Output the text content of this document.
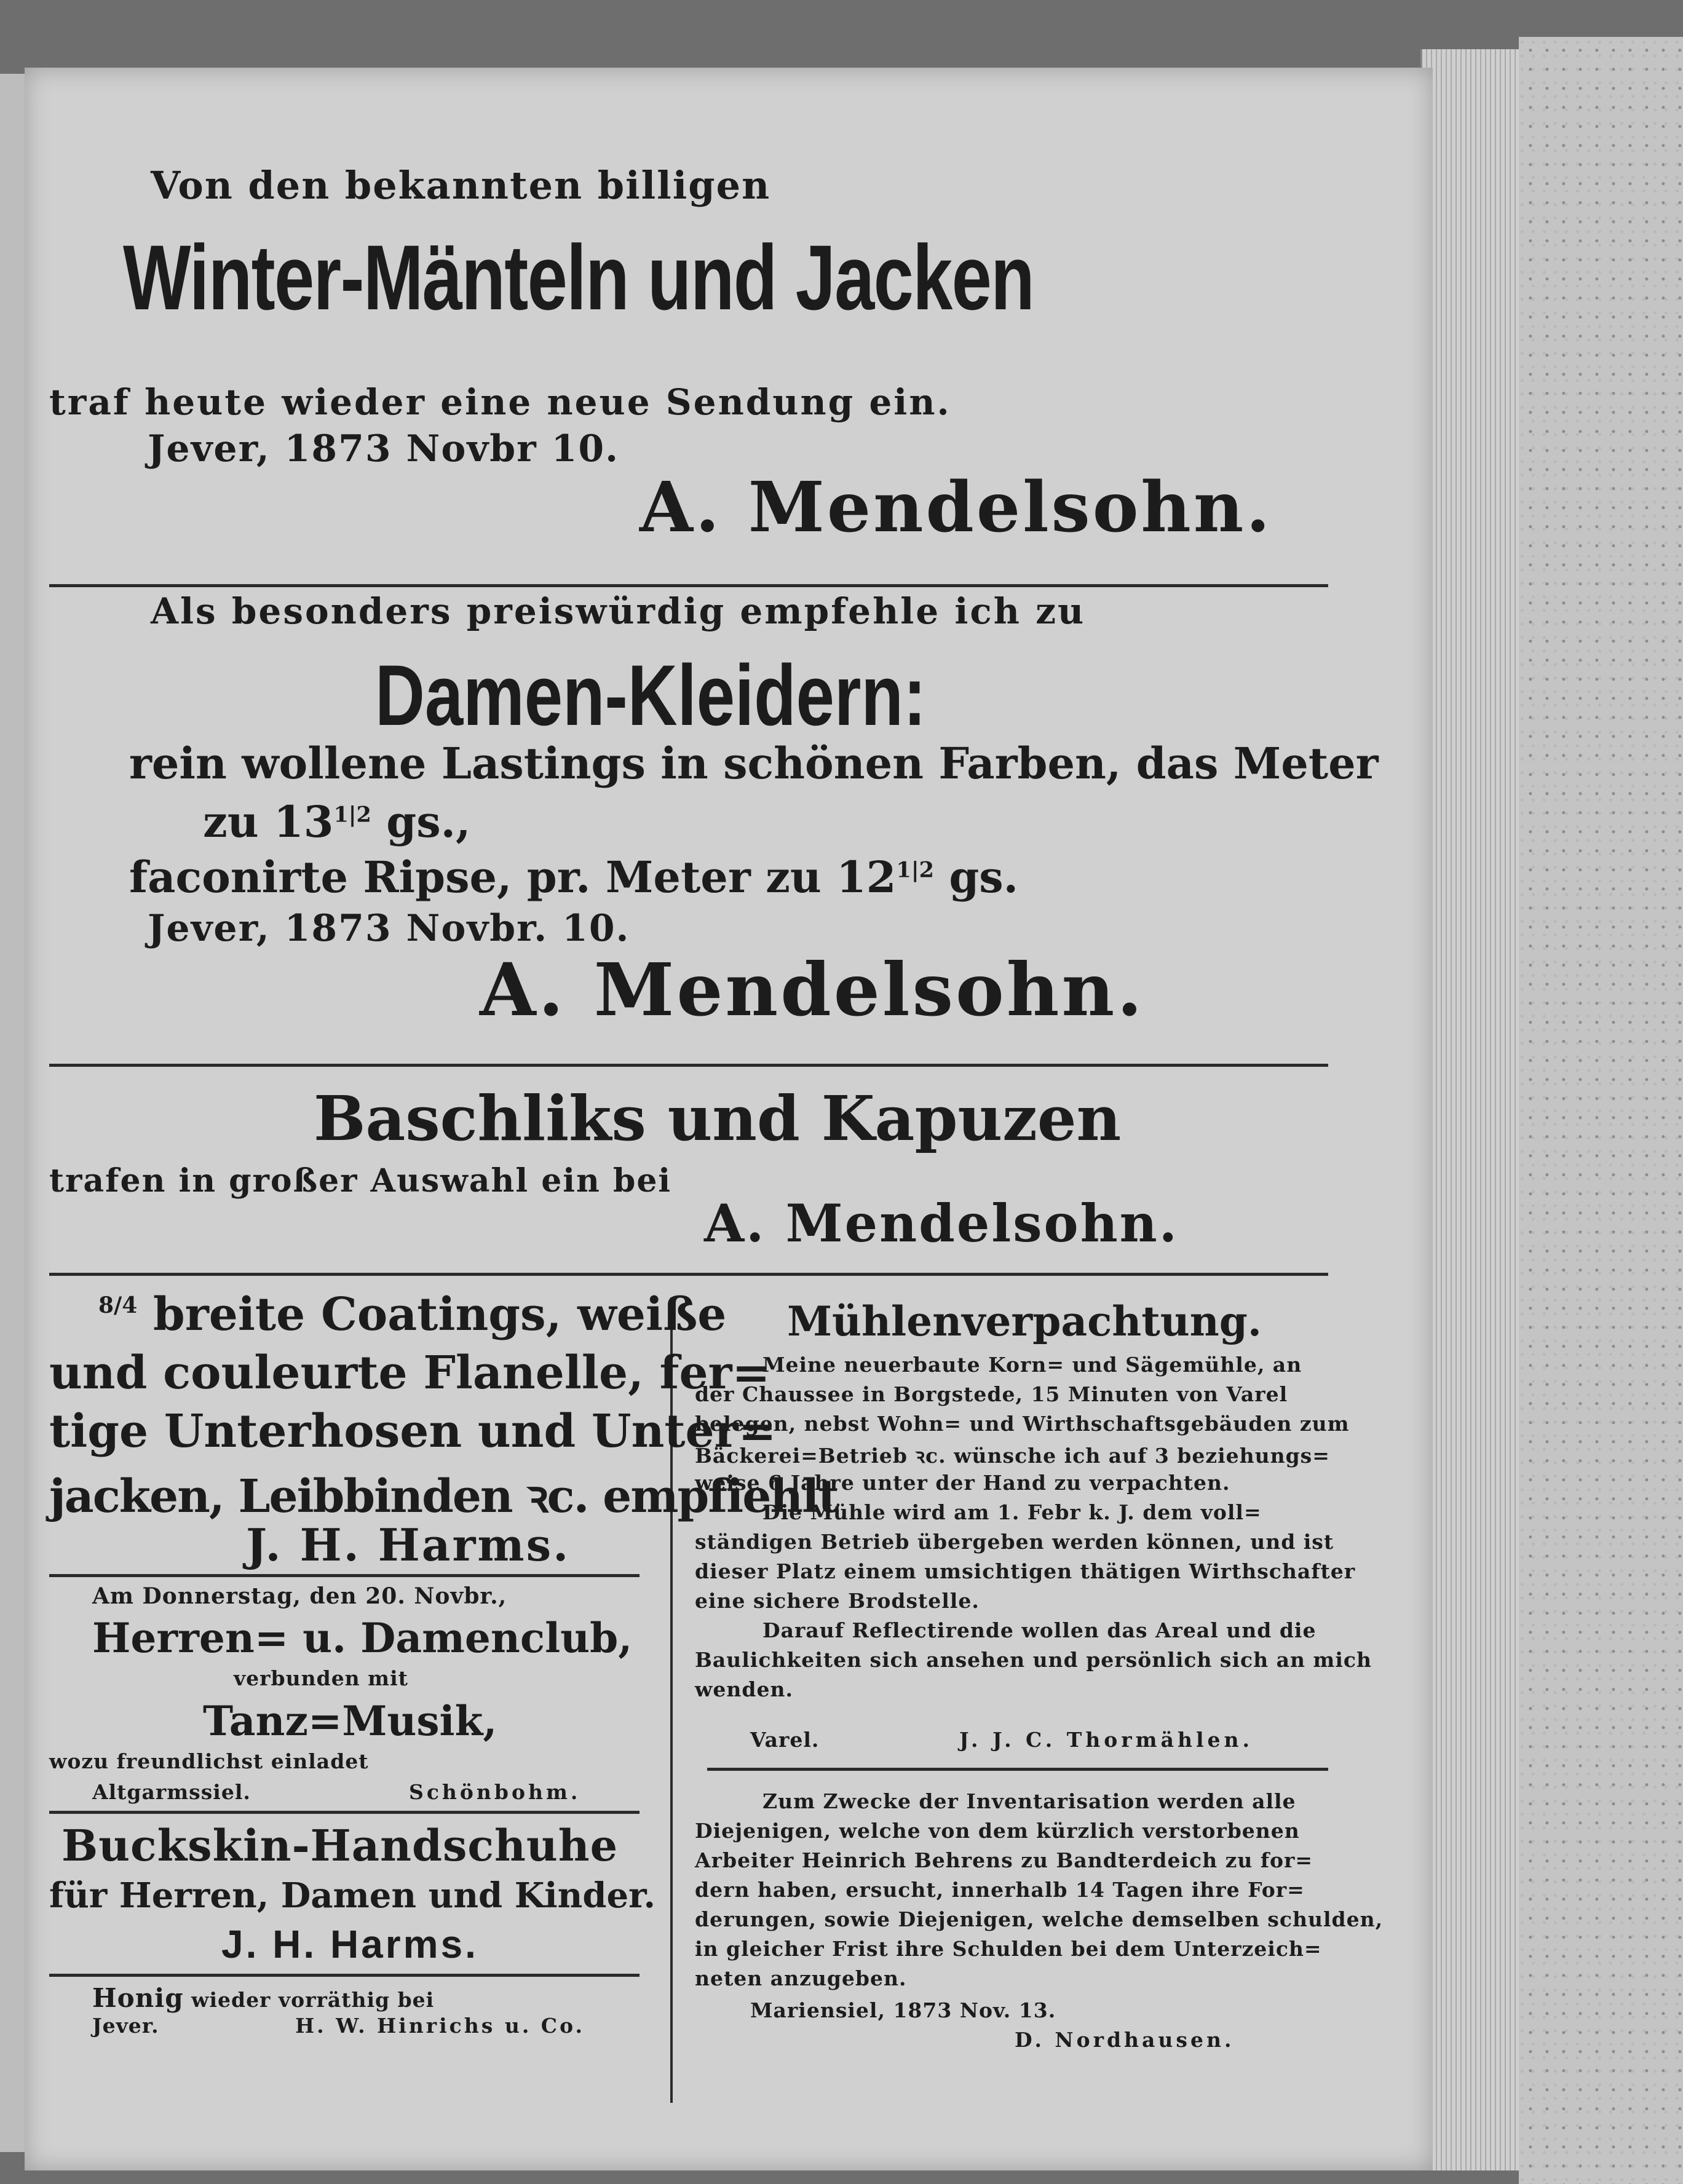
Von den bekannten billigen
Winter-Mänteln und Jacken
traf heute wieder eine neue Sendung ein.
Jever, 1873 Novbr 10.
A. Mendelsohn.
Als besonders preiswürdig empfehle ich zu
Damen-Kleidern:
rein wollene Lastings in schönen Farben, das Meter
zu $13^{1|2}$ gs.,
faconirte Ripse, pr. Meter zu $12^{1|2}$ gs.
Jever, 1873 Novbr. 10.
A. Mendelsohn.
Baschliks und Kapuzen
trafen in großer Auswahl ein bei
A. Mendelsohn.
$^{8/4}$ breite Coatings, weiße
und couleurte Flanelle, fer=
tige Unterhosen und Unter=
jacken, Leibbinden ꝛc. empfiehlt
J. H. Harms.
Am Donnerstag, den 20. Novbr.,
Herren= u. Damenclub,
verbunden mit
Tanz=Musik,
wozu freundlichst einladet
Altgarmssiel.	Schönbohm.
Buckskin-Handschuhe
für Herren, Damen und Kinder.
J. H. Harms.
Honig wieder vorräthig bei
Jever.	H. W. Hinrichs u. Co.
Mühlenverpachtung.
Meine neuerbaute Korn= und Sägemühle, an
der Chaussee in Borgstede, 15 Minuten von Varel
belegen, nebst Wohn= und Wirthschaftsgebäuden zum
Bäckerei=Betrieb ꝛc. wünsche ich auf 3 beziehungs=
weise 6 Jahre unter der Hand zu verpachten.
Die Mühle wird am 1. Febr k. J. dem voll=
ständigen Betrieb übergeben werden können, und ist
dieser Platz einem umsichtigen thätigen Wirthschafter
eine sichere Brodstelle.
Darauf Reflectirende wollen das Areal und die
Baulichkeiten sich ansehen und persönlich sich an mich
wenden.
Varel.	J. J. C. Thormählen.
Zum Zwecke der Inventarisation werden alle
Diejenigen, welche von dem kürzlich verstorbenen
Arbeiter Heinrich Behrens zu Bandterdeich zu for=
dern haben, ersucht, innerhalb 14 Tagen ihre For=
derungen, sowie Diejenigen, welche demselben schulden,
in gleicher Frist ihre Schulden bei dem Unterzeich=
neten anzugeben.
Mariensiel, 1873 Nov. 13.
D. Nordhausen.
